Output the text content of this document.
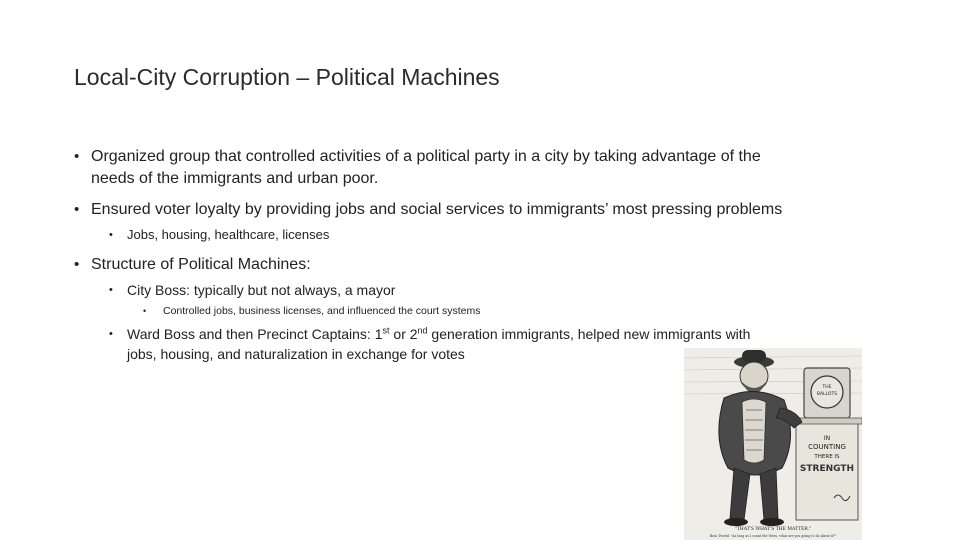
Local-City Corruption – Political Machines
• Organized group that controlled activities of a political party in a city by taking advantage of the
needs of the immigrants and urban poor.
• Ensured voter loyalty by providing jobs and social services to immigrants’ most pressing problems
• Jobs, housing, healthcare, licenses
• Structure of Political Machines:
• City Boss: typically but not always, a mayor
• Controlled jobs, business licenses, and influenced the court systems
• Ward Boss and then Precinct Captains: 1st or 2nd generation immigrants, helped new immigrants with
jobs, housing, and naturalization in exchange for votes
THE
BALLOTS
IN
COUNTING
THERE IS
STRENGTH
"THAT'S WHAT'S THE MATTER."
Boss Tweed. "As long as I count the Votes, what are you going to do about it?"
